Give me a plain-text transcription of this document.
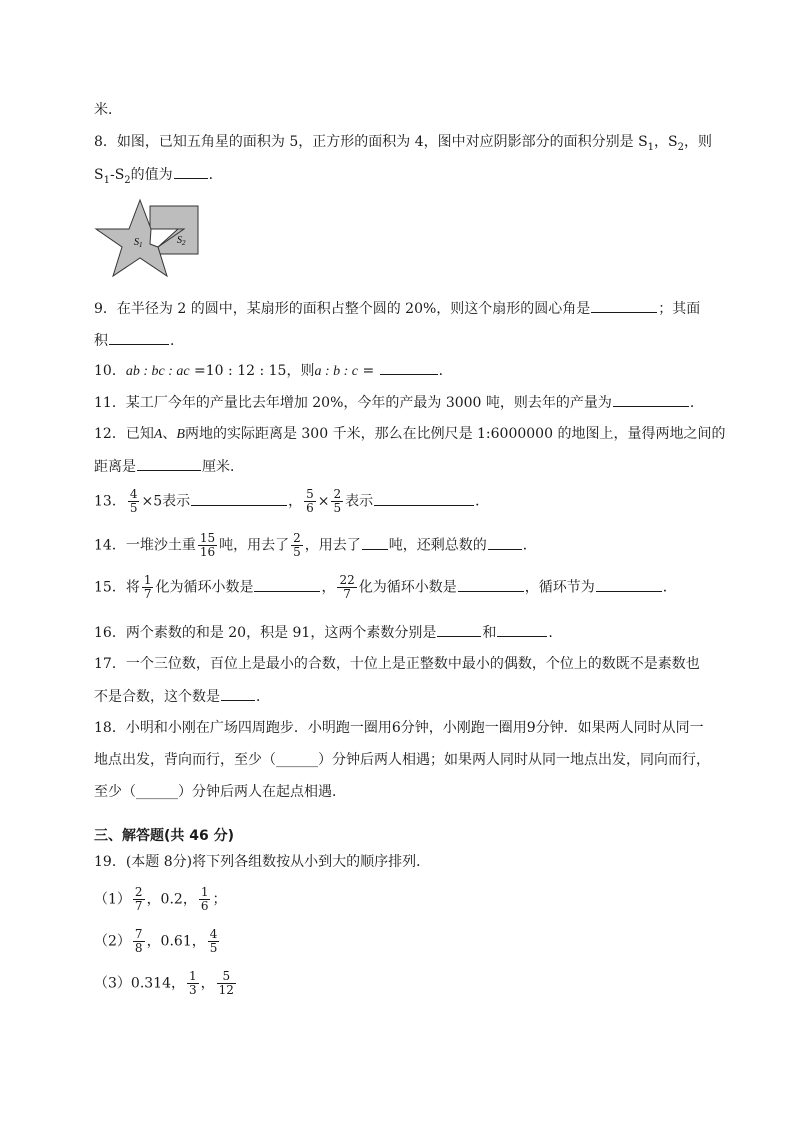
米．
8．如图，已知五角星的面积为 5，正方形的面积为 4，图中对应阴影部分的面积分别是 $S_1$，$S_2$，则
$S_1-S_2$的值为	．
$S_1$	$S_2$
9．在半径为 2 的圆中，某扇形的面积占整个圆的 20%，则这个扇形的圆心角是	；其面
积	．
10．ab : bc : ac =10 : 12 : 15，则a : b : c =	．
11．某工厂今年的产量比去年增加 20%，今年的产最为 3000 吨，则去年的产量为	．
12．已知A、B两地的实际距离是 300 千米，那么在比例尺是 1:6000000 的地图上，量得两地之间的
距离是	厘米．
13． $\frac{4}{5} \times 5$表示	， $\frac{5}{6} \times \frac{2}{5}$ 表示	．
14．一堆沙土重 $\frac{15}{16}$ 吨，用去了 $\frac{2}{5}$ ，用去了 吨，还剩总数的	．
15．将 $\frac{1}{7}$ 化为循环小数是	， $\frac{22}{7}$ 化为循环小数是	，循环节为	．
16．两个素数的和是 20，积是 91，这两个素数分别是	和	.
17．一个三位数，百位上是最小的合数，十位上是正整数中最小的偶数，个位上的数既不是素数也
不是合数，这个数是	．
18．小明和小刚在广场四周跑步．小明跑一圈用6分钟，小刚跑一圈用9分钟．如果两人同时从同一
地点出发，背向而行，至少（______）分钟后两人相遇；如果两人同时从同一地点出发，同向而行，
至少（______）分钟后两人在起点相遇．
三、解答题(共 46 分)
19．(本题 8分)将下列各组数按从小到大的顺序排列．
$(1) \frac{2}{7}$ ，0.2， $\frac{1}{6}$ ；
$(2) \frac{7}{8}$ ，0.61， $\frac{4}{5}$
（3）0.314， $\frac{1}{3}$ ， $\frac{5}{12}$
